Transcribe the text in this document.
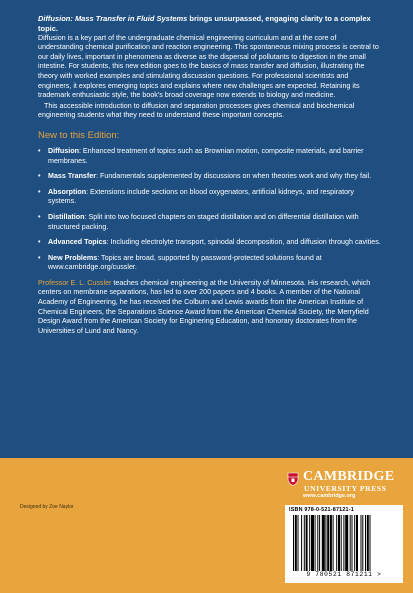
Diffusion: Mass Transfer in Fluid Systems brings unsurpassed, engaging clarity to a complex topic.

Diffusion is a key part of the undergraduate chemical engineering curriculum and at the core of understanding chemical purification and reaction engineering. This spontaneous mixing process is central to our daily lives, important in phenomena as diverse as the dispersal of pollutants to digestion in the small intestine. For students, this new edition goes to the basics of mass transfer and diffusion, illustrating the theory with worked examples and stimulating discussion questions. For professional scientists and engineers, it explores emerging topics and explains where new challenges are expected. Retaining its trademark enthusiastic style, the book's broad coverage now extends to biology and medicine.

This accessible introduction to diffusion and separation processes gives chemical and biochemical engineering students what they need to understand these important concepts.

New to this Edition:
• Diffusion: Enhanced treatment of topics such as Brownian motion, composite materials, and barrier membranes.
• Mass Transfer: Fundamentals supplemented by discussions on when theories work and why they fail.
• Absorption: Extensions include sections on blood oxygenators, artificial kidneys, and respiratory systems.
• Distillation: Split into two focused chapters on staged distillation and on differential distillation with structured packing.
• Advanced Topics: Including electrolyte transport, spinodal decomposition, and diffusion through cavities.
• New Problems: Topics are broad, supported by password-protected solutions found at www.cambridge.org/cussler.

Professor E. L. Cussler teaches chemical engineering at the University of Minnesota. His research, which centers on membrane separations, has led to over 200 papers and 4 books. A member of the National Academy of Engineering, he has received the Colburn and Lewis awards from the American Institute of Chemical Engineers, the Separations Science Award from the American Chemical Society, the Merryfield Design Award from the American Society for Enginering Education, and honorary doctorates from the Universities of Lund and Nancy.

Designed by Zoe Naylor
CAMBRIDGE
UNIVERSITY PRESS
www.cambridge.org
ISBN 978-0-521-87121-1
9 780521 871211 >
